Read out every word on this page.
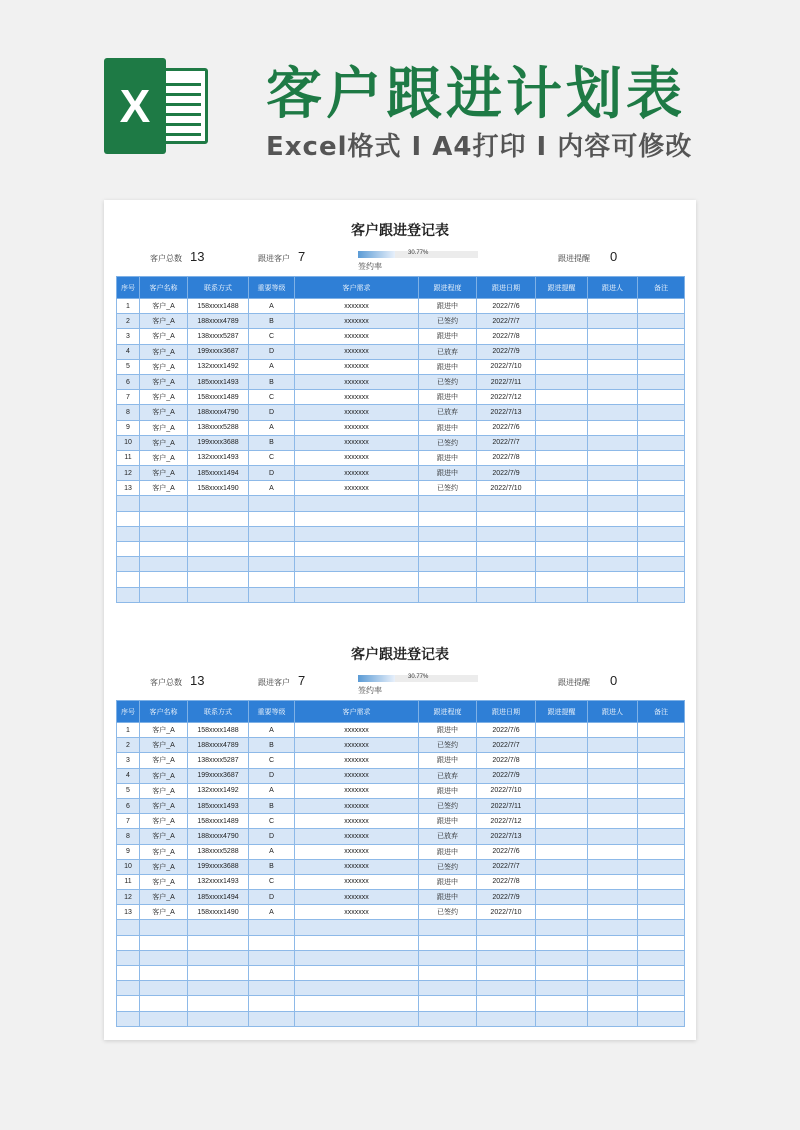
X 客户跟进计划表
Excel格式 I A4打印 I 内容可修改
客户跟进登记表
客户总数 13	跟进客户 7	30.77%
签约率
跟进提醒 0
序号	客户名称	联系方式	重要等级	客户需求	跟进程度	跟进日期	跟进提醒	跟进人	备注
1	客户_A	158xxxx1488	A	xxxxxxx	跟进中	2022/7/6			
2	客户_A	188xxxx4789	B	xxxxxxx	已签约	2022/7/7			
3	客户_A	138xxxx5287	C	xxxxxxx	跟进中	2022/7/8			
4	客户_A	199xxxx3687	D	xxxxxxx	已放弃	2022/7/9			
5	客户_A	132xxxx1492	A	xxxxxxx	跟进中	2022/7/10			
6	客户_A	185xxxx1493	B	xxxxxxx	已签约	2022/7/11			
7	客户_A	158xxxx1489	C	xxxxxxx	跟进中	2022/7/12			
8	客户_A	188xxxx4790	D	xxxxxxx	已放弃	2022/7/13			
9	客户_A	138xxxx5288	A	xxxxxxx	跟进中	2022/7/6			
10	客户_A	199xxxx3688	B	xxxxxxx	已签约	2022/7/7			
11	客户_A	132xxxx1493	C	xxxxxxx	跟进中	2022/7/8			
12	客户_A	185xxxx1494	D	xxxxxxx	跟进中	2022/7/9			
13	客户_A	158xxxx1490	A	xxxxxxx	已签约	2022/7/10			

客户跟进登记表
客户总数 13	跟进客户 7	30.77%
签约率
跟进提醒 0
序号	客户名称	联系方式	重要等级	客户需求	跟进程度	跟进日期	跟进提醒	跟进人	备注
1	客户_A	158xxxx1488	A	xxxxxxx	跟进中	2022/7/6			
2	客户_A	188xxxx4789	B	xxxxxxx	已签约	2022/7/7			
3	客户_A	138xxxx5287	C	xxxxxxx	跟进中	2022/7/8			
4	客户_A	199xxxx3687	D	xxxxxxx	已放弃	2022/7/9			
5	客户_A	132xxxx1492	A	xxxxxxx	跟进中	2022/7/10			
6	客户_A	185xxxx1493	B	xxxxxxx	已签约	2022/7/11			
7	客户_A	158xxxx1489	C	xxxxxxx	跟进中	2022/7/12			
8	客户_A	188xxxx4790	D	xxxxxxx	已放弃	2022/7/13			
9	客户_A	138xxxx5288	A	xxxxxxx	跟进中	2022/7/6			
10	客户_A	199xxxx3688	B	xxxxxxx	已签约	2022/7/7			
11	客户_A	132xxxx1493	C	xxxxxxx	跟进中	2022/7/8			
12	客户_A	185xxxx1494	D	xxxxxxx	跟进中	2022/7/9			
13	客户_A	158xxxx1490	A	xxxxxxx	已签约	2022/7/10			
